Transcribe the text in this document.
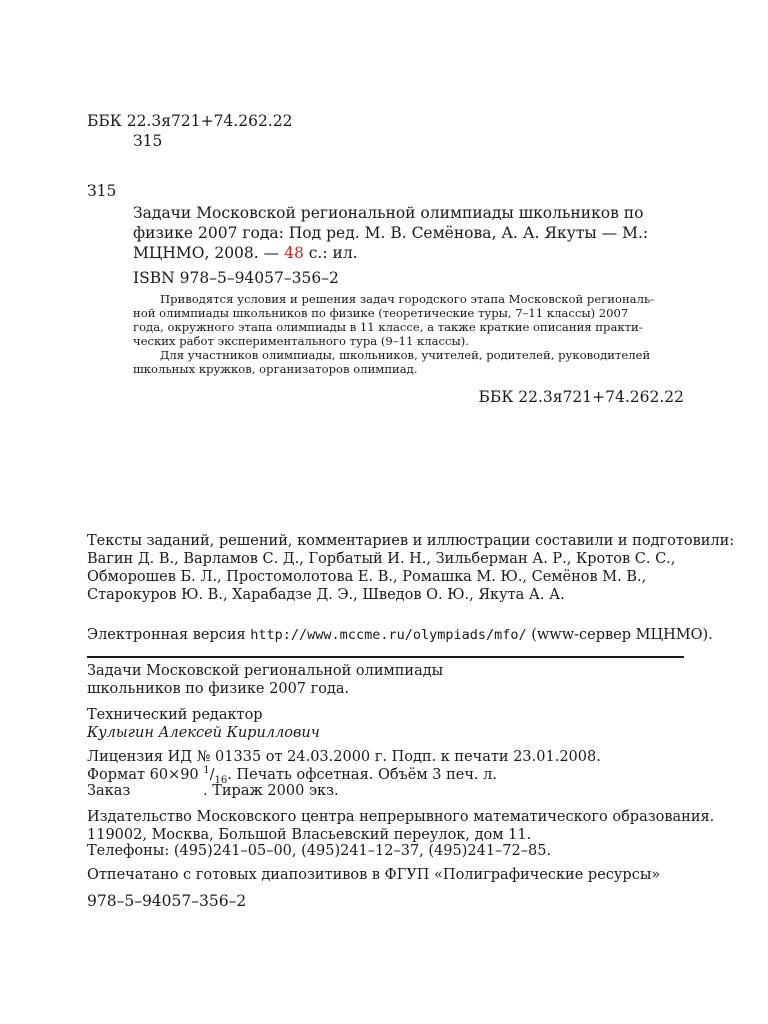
ББК 22.3я721+74.262.22
З15
З15
Задачи Московской региональной олимпиады школьников по
физике 2007 года: Под ред. М. В. Семёнова, А. А. Якуты — М.:
МЦНМО, 2008. — 48 с.: ил.
ISBN 978–5–94057–356–2
Приводятся условия и решения задач городского этапа Московской региональ-
ной олимпиады школьников по физике (теоретические туры, 7–11 классы) 2007
года, окружного этапа олимпиады в 11 классе, а также краткие описания практи-
ческих работ экспериментального тура (9–11 классы).
Для участников олимпиады, школьников, учителей, родителей, руководителей
школьных кружков, организаторов олимпиад.
ББК 22.3я721+74.262.22
Тексты заданий, решений, комментариев и иллюстрации составили и подготовили:
Вагин Д. В., Варламов С. Д., Горбатый И. Н., Зильберман А. Р., Кротов С. С.,
Обморошев Б. Л., Простомолотова Е. В., Ромашка М. Ю., Семёнов М. В.,
Старокуров Ю. В., Харабадзе Д. Э., Шведов О. Ю., Якута А. А.
Электронная версия http://www.mccme.ru/olympiads/mfo/ (www-сервер МЦНМО).
Задачи Московской региональной олимпиады
школьников по физике 2007 года.
Технический редактор
Кулыгин Алексей Кириллович
Лицензия ИД № 01335 от 24.03.2000 г. Подп. к печати 23.01.2008.
Формат 60×90 $^1/_{16}$. Печать офсетная. Объём 3 печ. л.
Заказ	. Тираж 2000 экз.
Издательство Московского центра непрерывного математического образования.
119002, Москва, Большой Власьевский переулок, дом 11.
Телефоны: (495)241–05–00, (495)241–12–37, (495)241–72–85.
Отпечатано с готовых диапозитивов в ФГУП «Полиграфические ресурсы»
978–5–94057–356–2
